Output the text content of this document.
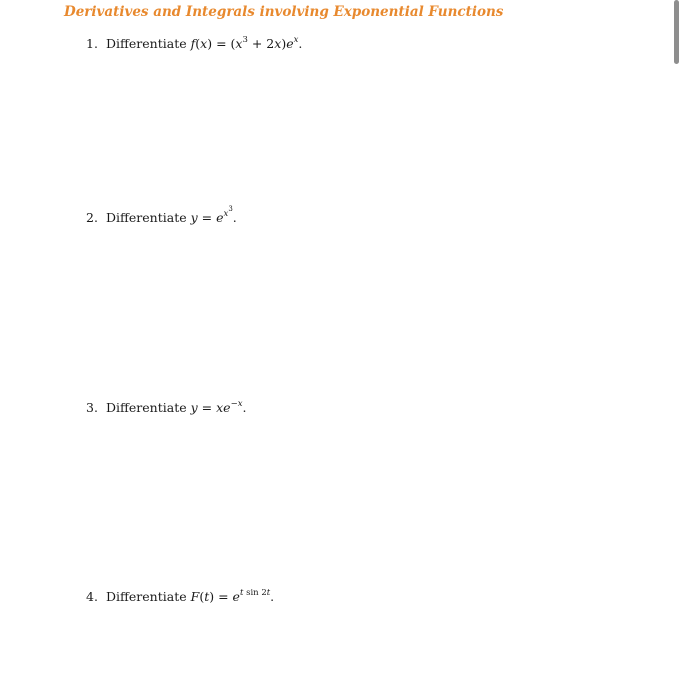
Derivatives and Integrals involving Exponential Functions
1. Differentiate $f(x) = (x^3 + 2x)e^x$.
2. Differentiate $y = e^{x^3}$.
3. Differentiate $y = xe^{-x}$.
4. Differentiate $F(t) = e^{t sin 2t}$.
